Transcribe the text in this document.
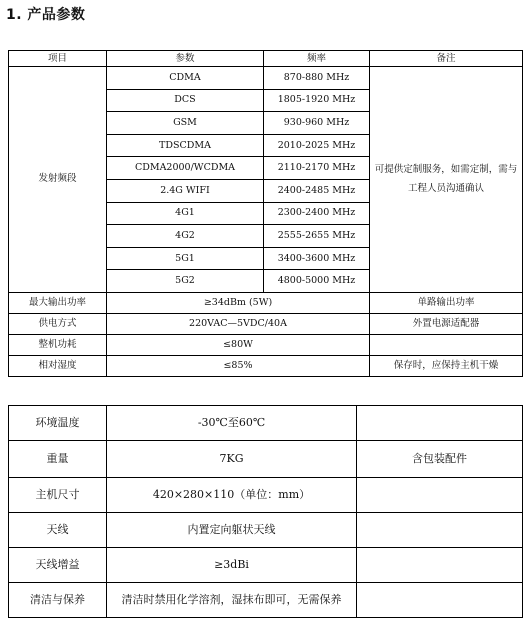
1. 产品参数
项目	参数	频率	备注
发射频段	CDMA	870-880 MHz	可提供定制服务，如需定制，需与工程人员沟通确认
	DCS	1805-1920 MHz	
	GSM	930-960 MHz	
	TDSCDMA	2010-2025 MHz	
	CDMA2000/WCDMA	2110-2170 MHz	
	2.4G WIFI	2400-2485 MHz	
	4G1	2300-2400 MHz	
	4G2	2555-2655 MHz	
	5G1	3400-3600 MHz	
	5G2	4800-5000 MHz	
最大输出功率	≥34dBm (5W)		单路输出功率
供电方式	220VAC—5VDC/40A		外置电源适配器
整机功耗	≤80W		
相对湿度	≤85%		保存时，应保持主机干燥
环境温度	-30℃至60℃	
重量	7KG	含包装配件
主机尺寸	420×280×110（单位：mm）	
天线	内置定向躯状天线	
天线增益	≥3dBi	
清洁与保养	清洁时禁用化学溶剂，湿抹布即可，无需保养	
